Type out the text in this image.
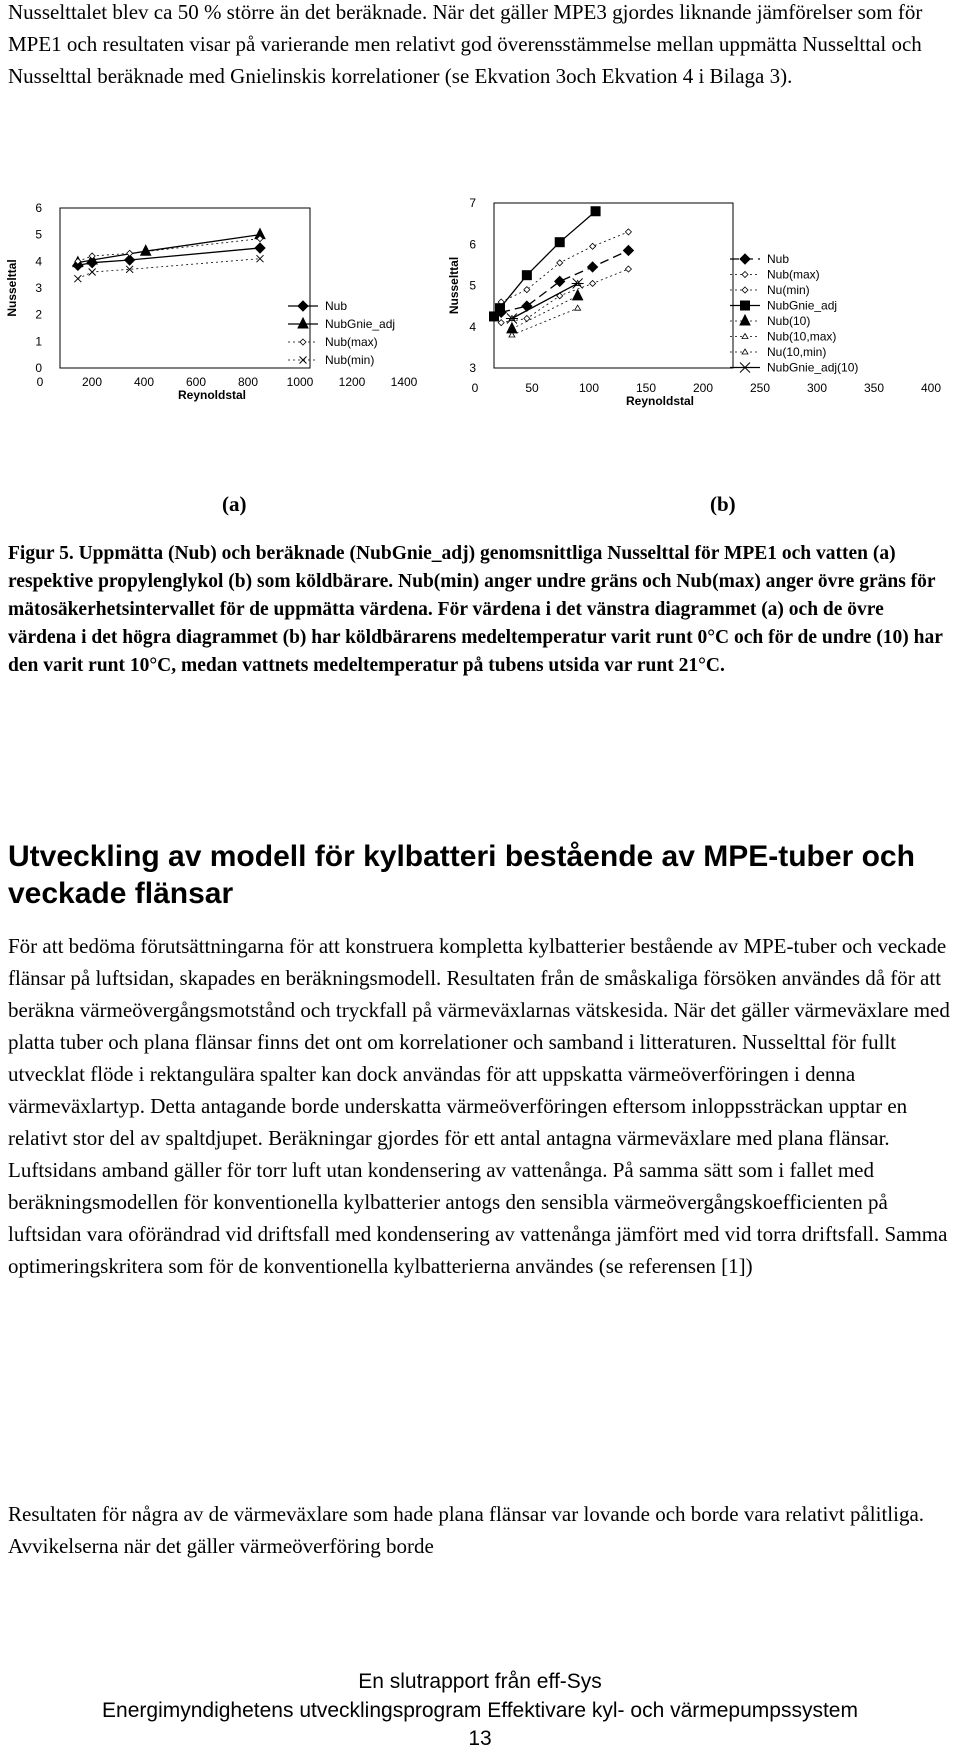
Nusselttalet blev ca 50 % större än det beräknade. När det gäller MPE3 gjordes liknande jämförelser som för MPE1 och resultaten visar på varierande men relativt god överensstämmelse mellan uppmätta Nusselttal och Nusselttal beräknade med Gnielinskis korrelationer (se Ekvation 3och Ekvation 4 i Bilaga 3).

0
1
2
3
4
5
6
0	200	400	600	800 1000 1200 1400
Reynoldstal
Nusselttal	Nub
NubGnie_adj
Nub(max)
Nub(min)
3
4
5
6
7
0	50	100	150	200	250	300	350	400
Reynoldstal
Nusselttal	Nub
Nub(max)
Nu(min)
NubGnie_adj
Nub(10)
Nub(10,max)
Nu(10,min)
NubGnie_adj(10)
(a)	(b)

Figur 5. Uppmätta (Nub) och beräknade (NubGnie_adj) genomsnittliga Nusselttal för MPE1 och vatten (a) respektive propylenglykol (b) som köldbärare. Nub(min) anger undre gräns och Nub(max) anger övre gräns för mätosäkerhetsintervallet för de uppmätta värdena. För värdena i det vänstra diagrammet (a) och de övre värdena i det högra diagrammet (b) har köldbärarens medeltemperatur varit runt 0°C och för de undre (10) har den varit runt 10°C, medan vattnets medeltemperatur på tubens utsida var runt 21°C.

Utveckling av modell för kylbatteri bestående av MPE-tuber och veckade flänsar

För att bedöma förutsättningarna för att konstruera kompletta kylbatterier bestående av MPE-tuber och veckade flänsar på luftsidan, skapades en beräkningsmodell. Resultaten från de småskaliga försöken användes då för att beräkna värmeövergångsmotstånd och tryckfall på värmeväxlarnas vätskesida. När det gäller värmeväxlare med platta tuber och plana flänsar finns det ont om korrelationer och samband i litteraturen. Nusselttal för fullt utvecklat flöde i rektangulära spalter kan dock användas för att uppskatta värmeöverföringen i denna värmeväxlartyp. Detta antagande borde underskatta värmeöverföringen eftersom inloppssträckan upptar en relativt stor del av spaltdjupet. Beräkningar gjordes för ett antal antagna värmeväxlare med plana flänsar. Luftsidans amband gäller för torr luft utan kondensering av vattenånga. På samma sätt som i fallet med beräkningsmodellen för konventionella kylbatterier antogs den sensibla värmeövergångskoefficienten på luftsidan vara oförändrad vid driftsfall med kondensering av vattenånga jämfört med vid torra driftsfall. Samma optimeringskritera som för de konventionella kylbatterierna användes (se referensen [1])

Resultaten för några av de värmeväxlare som hade plana flänsar var lovande och borde vara relativt pålitliga. Avvikelserna när det gäller värmeöverföring borde

En slutrapport från eff-Sys
Energimyndighetens utvecklingsprogram Effektivare kyl- och värmepumpssystem
13
